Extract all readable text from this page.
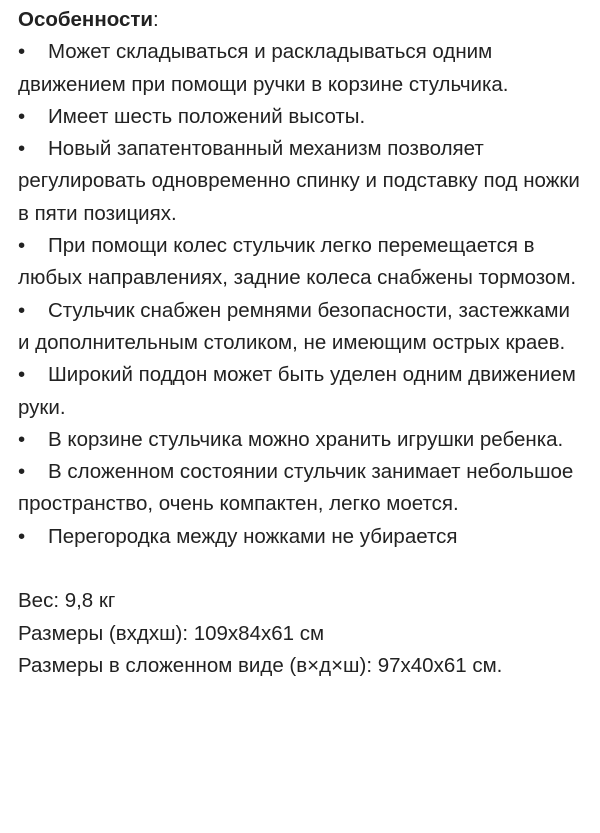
Особенности:

• Может складываться и раскладываться одним движением при помощи ручки в корзине стульчика.
• Имеет шесть положений высоты.
• Новый запатентованный механизм позволяет регулировать одновременно спинку и подставку под ножки в пяти позициях.
• При помощи колес стульчик легко перемещается в любых направлениях, задние колеса снабжены тормозом.
• Стульчик снабжен ремнями безопасности, застежками и дополнительным столиком, не имеющим острых краев.
• Широкий поддон может быть уделен одним движением руки.
• В корзине стульчика можно хранить игрушки ребенка.
• В сложенном состоянии стульчик занимает небольшое пространство, очень компактен, легко моется.
• Перегородка между ножками не убирается

Вес: 9,8 кг

Размеры (вхдхш): 109х84х61 см

Размеры в сложенном виде (в×д×ш): 97х40х61 см.
